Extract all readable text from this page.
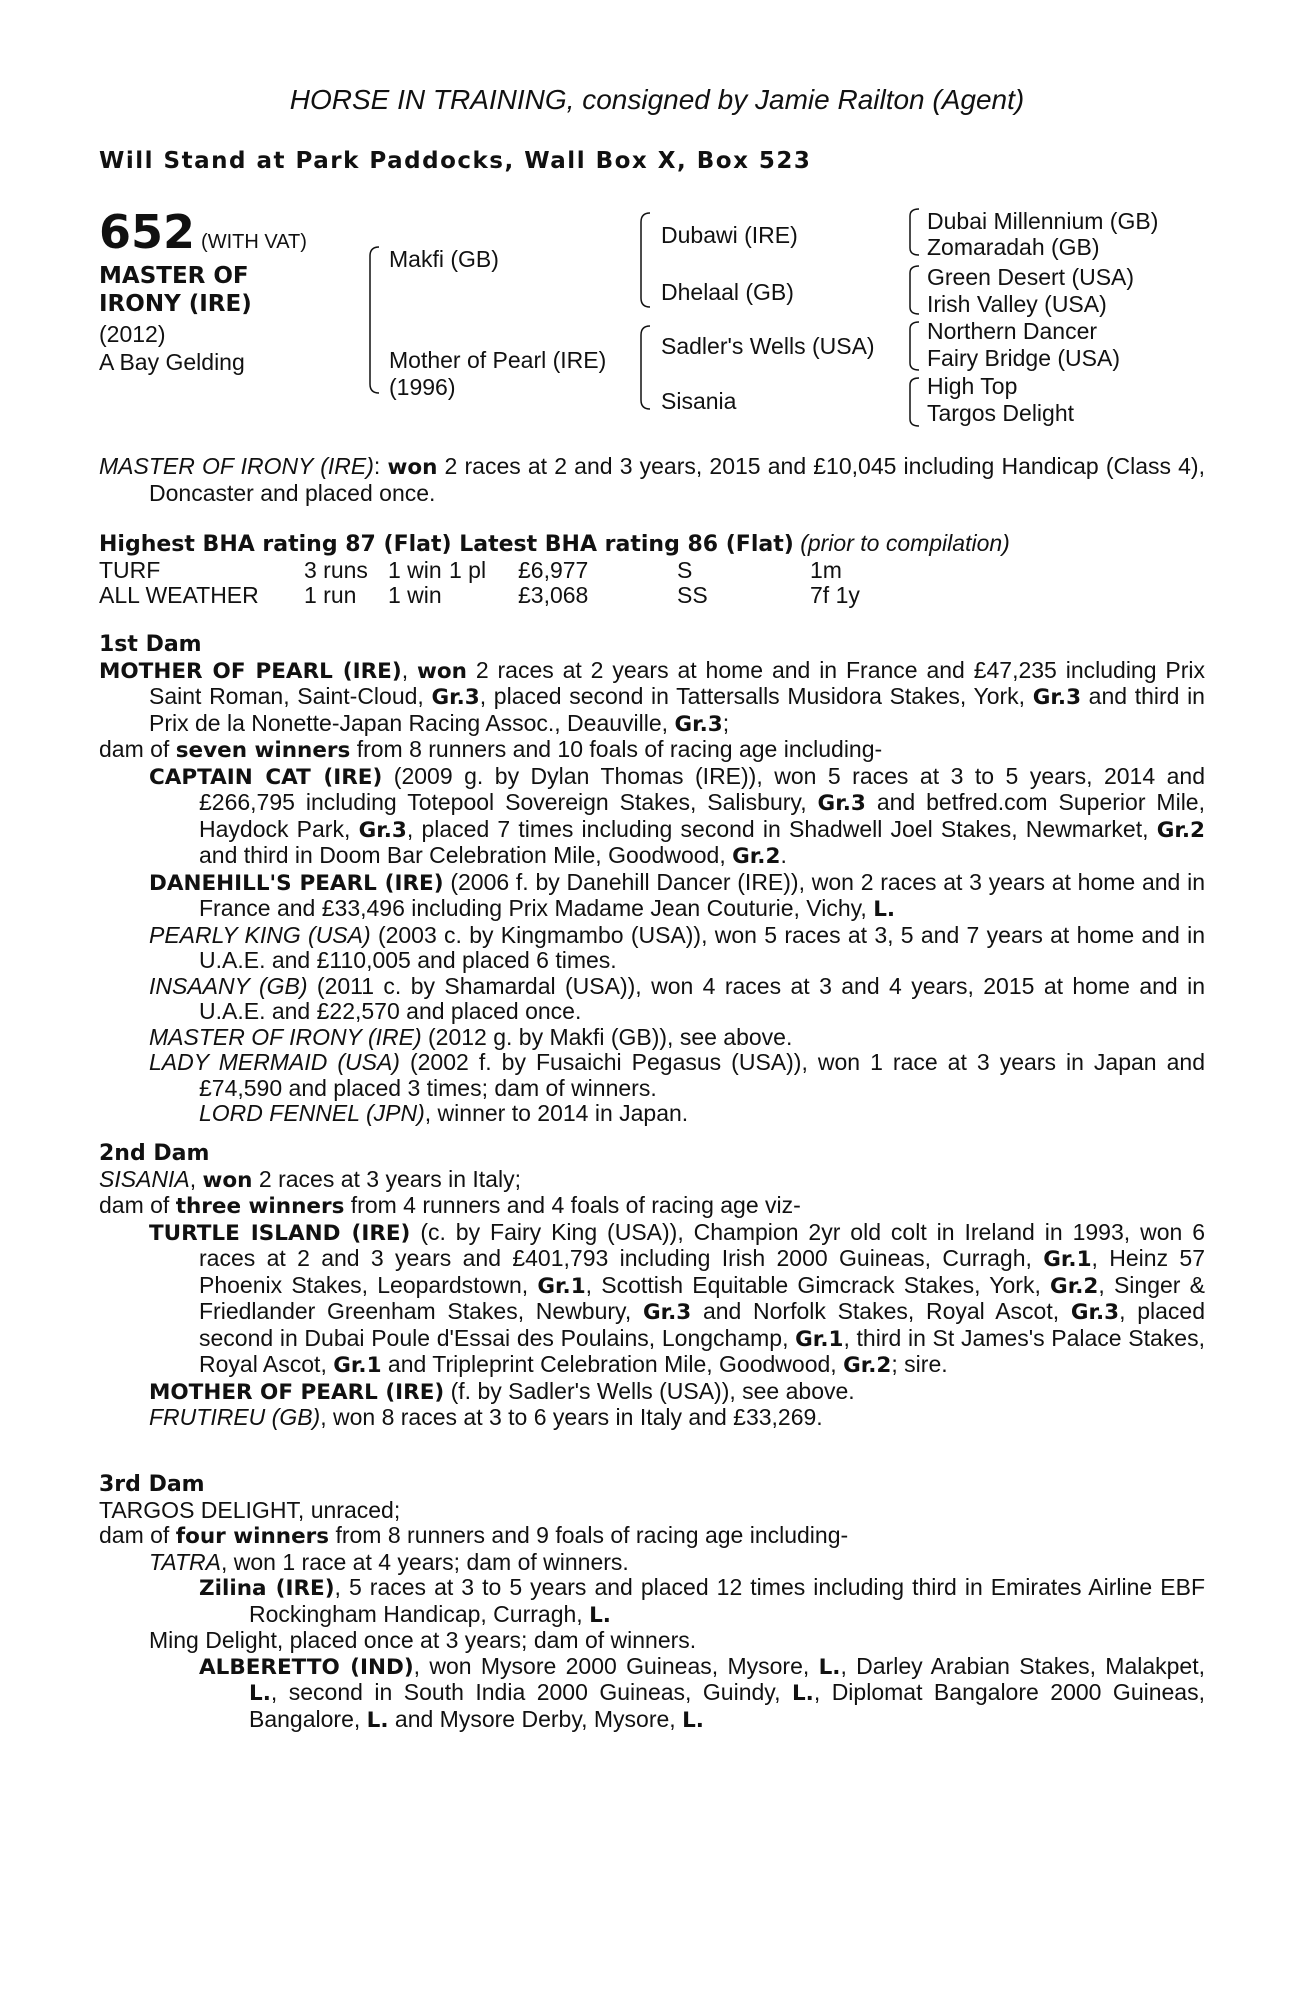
HORSE IN TRAINING, consigned by Jamie Railton (Agent)
Will Stand at Park Paddocks, Wall Box X, Box 523
652 (WITH VAT)
MASTER OF
IRONY (IRE)
(2012)
A Bay Gelding
Makfi (GB)
Mother of Pearl (IRE)
(1996)
Dubawi (IRE)
Dhelaal (GB)
Sadler's Wells (USA)
Sisania
Dubai Millennium (GB)
Zomaradah (GB)
Green Desert (USA)
Irish Valley (USA)
Northern Dancer
Fairy Bridge (USA)
High Top
Targos Delight

MASTER OF IRONY (IRE): won 2 races at 2 and 3 years, 2015 and £10,045 including Handicap (Class 4), Doncaster and placed once.

Highest BHA rating 87 (Flat) Latest BHA rating 86 (Flat) (prior to compilation)

TURF	3 runs	1 win	1 pl	£6,977	S	1m
ALL WEATHER	1 run	1 win		£3,068	SS	7f 1y

1st Dam

MOTHER OF PEARL (IRE), won 2 races at 2 years at home and in France and £47,235 including Prix Saint Roman, Saint-Cloud, Gr.3, placed second in Tattersalls Musidora Stakes, York, Gr.3 and third in Prix de la Nonette-Japan Racing Assoc., Deauville, Gr.3;

dam of seven winners from 8 runners and 10 foals of racing age including-

CAPTAIN CAT (IRE) (2009 g. by Dylan Thomas (IRE)), won 5 races at 3 to 5 years, 2014 and £266,795 including Totepool Sovereign Stakes, Salisbury, Gr.3 and betfred.com Superior Mile, Haydock Park, Gr.3, placed 7 times including second in Shadwell Joel Stakes, Newmarket, Gr.2 and third in Doom Bar Celebration Mile, Goodwood, Gr.2.

DANEHILL'S PEARL (IRE) (2006 f. by Danehill Dancer (IRE)), won 2 races at 3 years at home and in France and £33,496 including Prix Madame Jean Couturie, Vichy, L.

PEARLY KING (USA) (2003 c. by Kingmambo (USA)), won 5 races at 3, 5 and 7 years at home and in U.A.E. and £110,005 and placed 6 times.

INSAANY (GB) (2011 c. by Shamardal (USA)), won 4 races at 3 and 4 years, 2015 at home and in U.A.E. and £22,570 and placed once.

MASTER OF IRONY (IRE) (2012 g. by Makfi (GB)), see above.

LADY MERMAID (USA) (2002 f. by Fusaichi Pegasus (USA)), won 1 race at 3 years in Japan and £74,590 and placed 3 times; dam of winners.

LORD FENNEL (JPN), winner to 2014 in Japan.

2nd Dam

SISANIA, won 2 races at 3 years in Italy;

dam of three winners from 4 runners and 4 foals of racing age viz-

TURTLE ISLAND (IRE) (c. by Fairy King (USA)), Champion 2yr old colt in Ireland in 1993, won 6 races at 2 and 3 years and £401,793 including Irish 2000 Guineas, Curragh, Gr.1, Heinz 57 Phoenix Stakes, Leopardstown, Gr.1, Scottish Equitable Gimcrack Stakes, York, Gr.2, Singer & Friedlander Greenham Stakes, Newbury, Gr.3 and Norfolk Stakes, Royal Ascot, Gr.3, placed second in Dubai Poule d'Essai des Poulains, Longchamp, Gr.1, third in St James's Palace Stakes, Royal Ascot, Gr.1 and Tripleprint Celebration Mile, Goodwood, Gr.2; sire.

MOTHER OF PEARL (IRE) (f. by Sadler's Wells (USA)), see above.

FRUTIREU (GB), won 8 races at 3 to 6 years in Italy and £33,269.

3rd Dam

TARGOS DELIGHT, unraced;

dam of four winners from 8 runners and 9 foals of racing age including-

TATRA, won 1 race at 4 years; dam of winners.

Zilina (IRE), 5 races at 3 to 5 years and placed 12 times including third in Emirates Airline EBF Rockingham Handicap, Curragh, L.

Ming Delight, placed once at 3 years; dam of winners.

ALBERETTO (IND), won Mysore 2000 Guineas, Mysore, L., Darley Arabian Stakes, Malakpet, L., second in South India 2000 Guineas, Guindy, L., Diplomat Bangalore 2000 Guineas, Bangalore, L. and Mysore Derby, Mysore, L.
